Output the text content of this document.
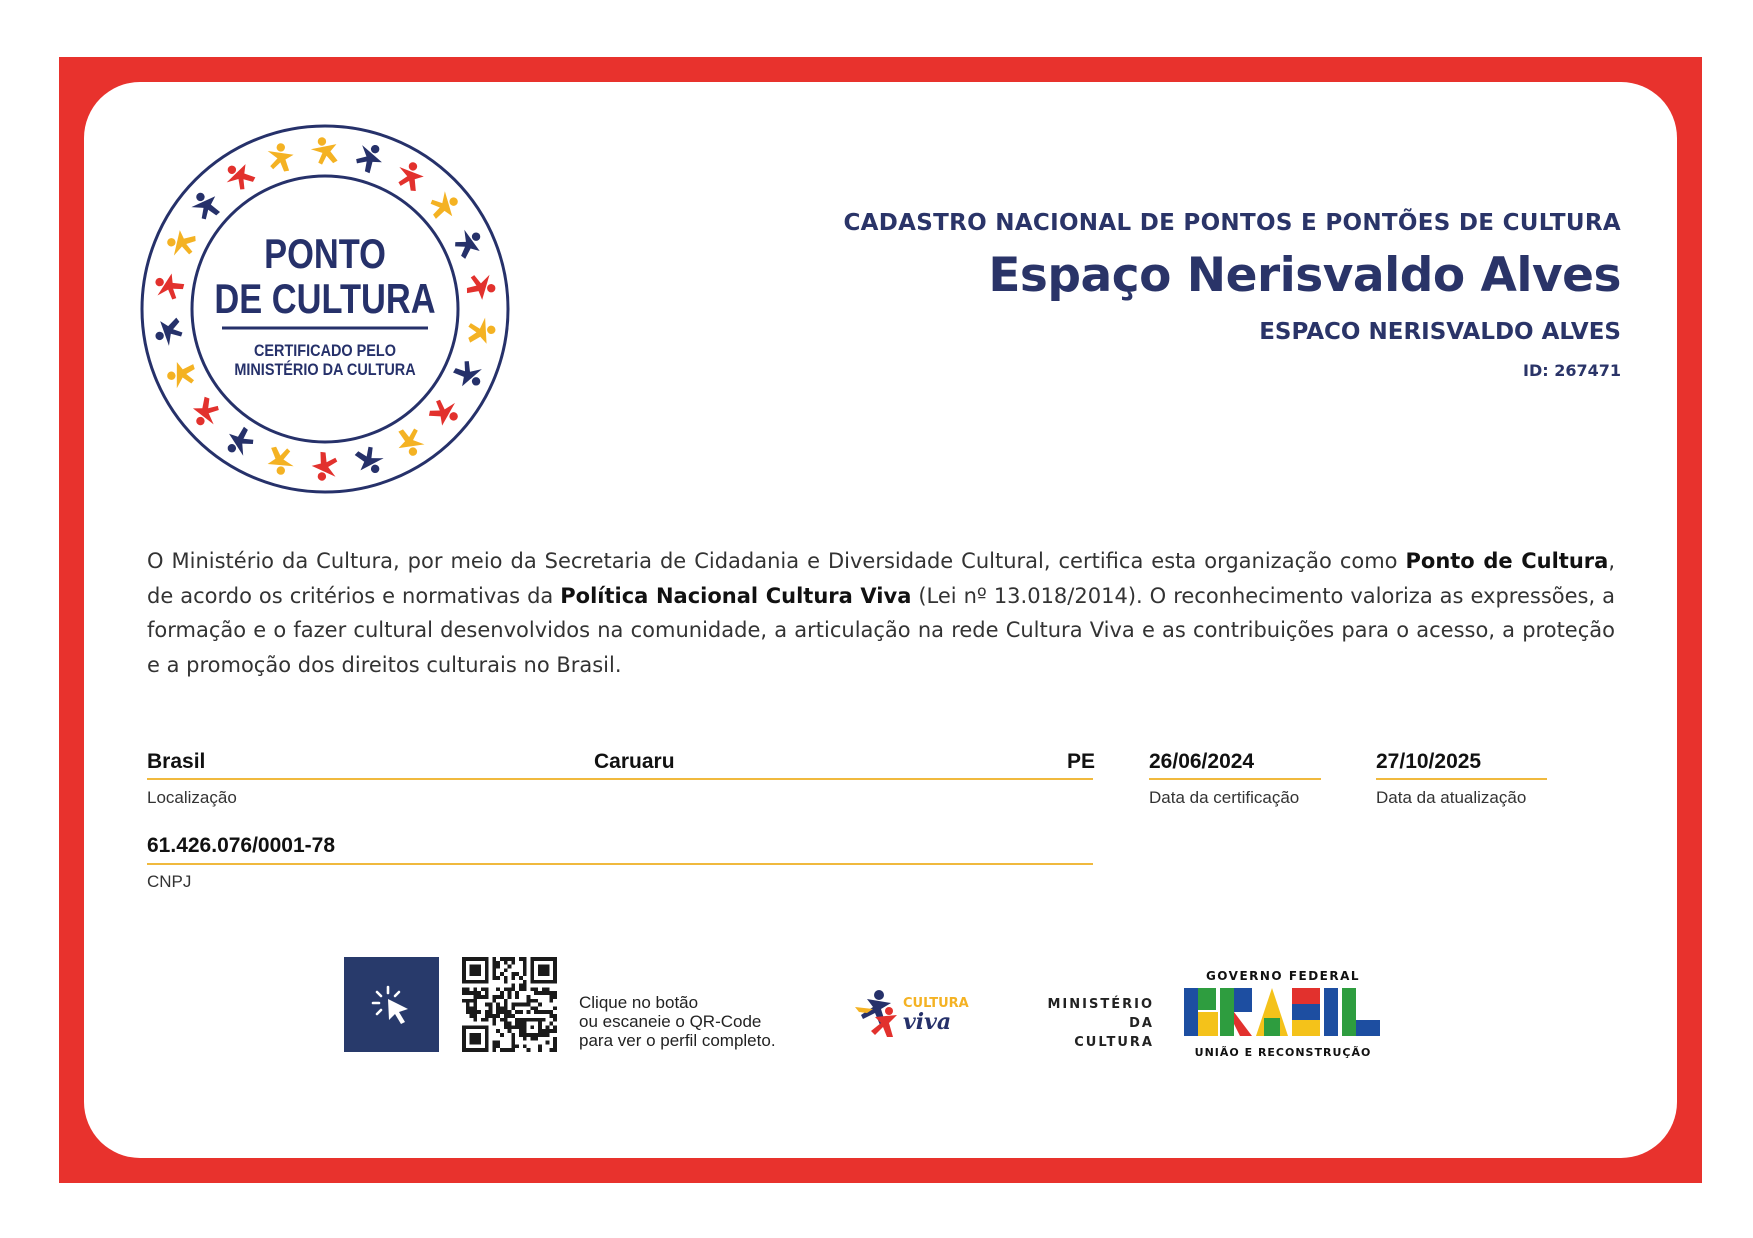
PONTO
DE CULTURA
CERTIFICADO PELO
MINISTÉRIO DA CULTURA
CADASTRO NACIONAL DE PONTOS E PONTÕES DE CULTURA
Espaço Nerisvaldo Alves
ESPACO NERISVALDO ALVES
ID: 267471
O Ministério da Cultura, por meio da Secretaria de Cidadania e Diversidade Cultural, certifica esta organização como Ponto de Cultura, de acordo os critérios e normativas da Política Nacional Cultura Viva (Lei nº 13.018/2014). O reconhecimento valoriza as expressões, a formação e o fazer cultural desenvolvidos na comunidade, a articulação na rede Cultura Viva e as contribuições para o acesso, a proteção e a promoção dos direitos culturais no Brasil.
Brasil	Caruaru	PE
Localização
26/06/2024
Data da certificação
27/10/2025
Data da atualização
61.426.076/0001-78
CNPJ
Clique no botão
ou escaneie o QR-Code
para ver o perfil completo.
CULTURA
viva
MINISTÉRIO DA
CULTURA
GOVERNO FEDERAL
UNIÃO E RECONSTRUÇÃO
